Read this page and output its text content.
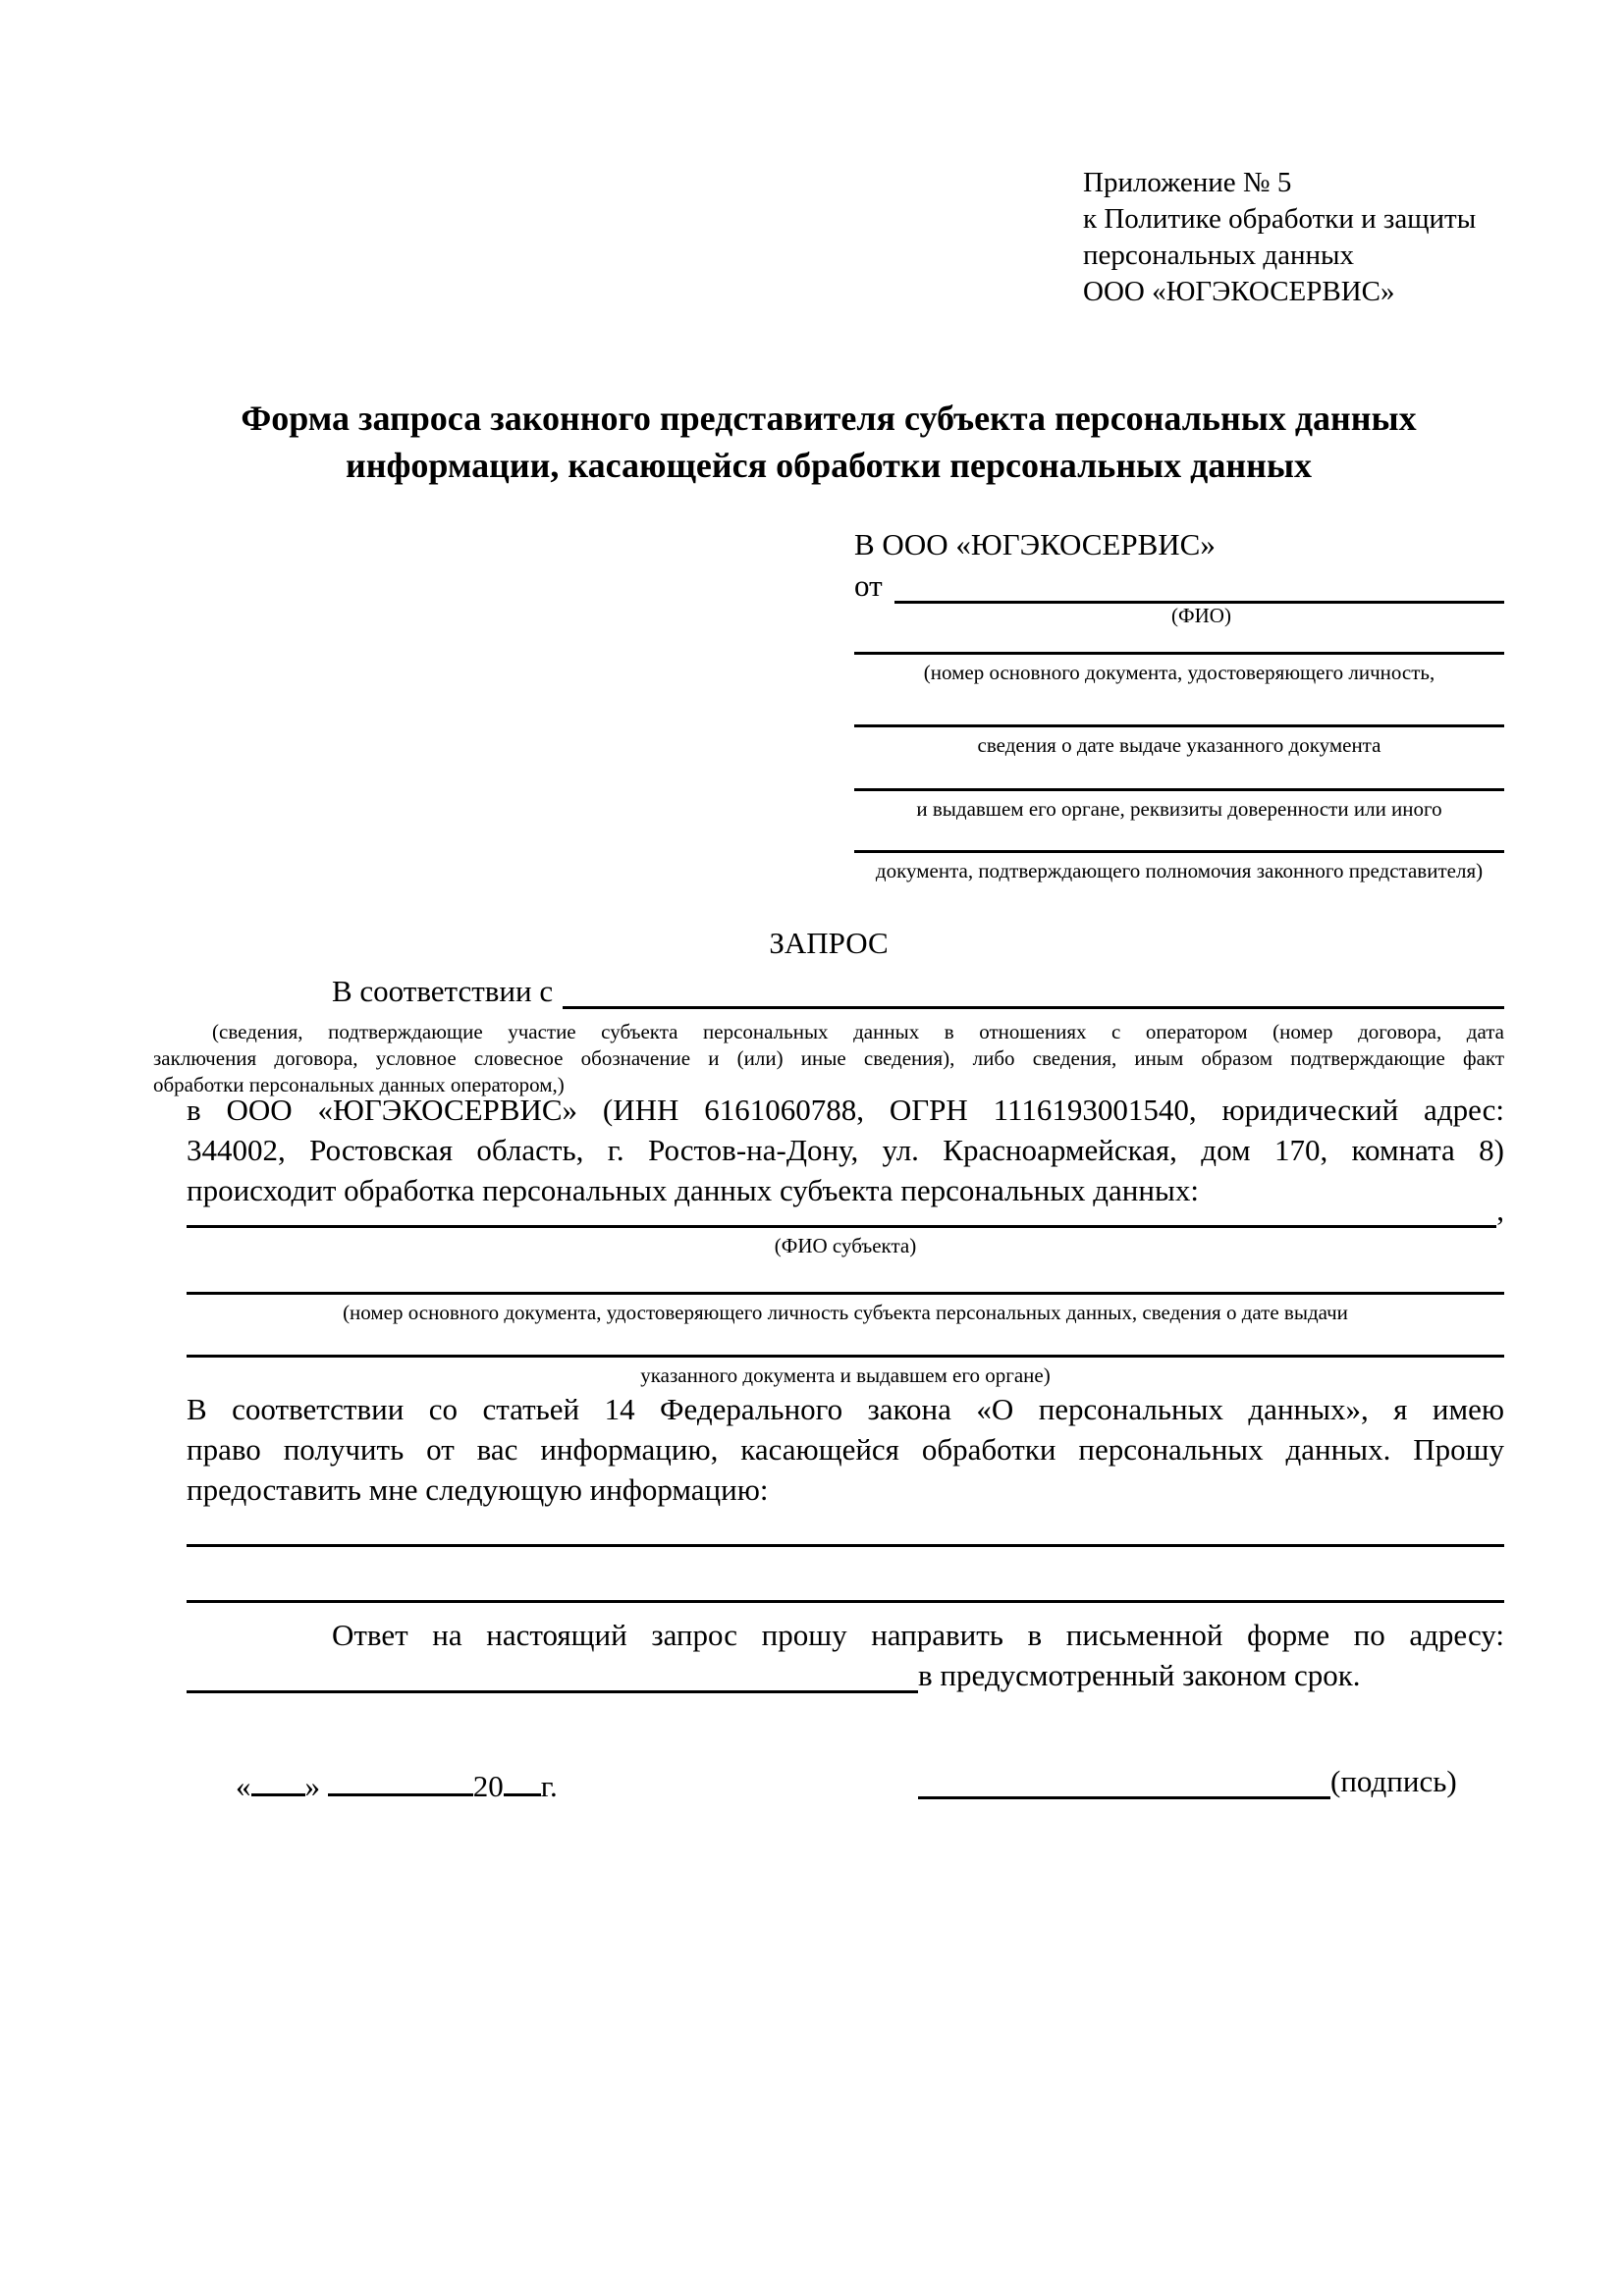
Приложение № 5
к Политике обработки и защиты
персональных данных
ООО «ЮГЭКОСЕРВИС»
Форма запроса законного представителя субъекта персональных данных
информации, касающейся обработки персональных данных
В ООО «ЮГЭКОСЕРВИС»
от
(ФИО)
(номер основного документа, удостоверяющего личность,
сведения о дате выдаче указанного документа
и выдавшем его органе, реквизиты доверенности или иного
документа, подтверждающего полномочия законного представителя)
ЗАПРОС
В соответствии с
(сведения, подтверждающие участие субъекта персональных данных в отношениях с оператором (номер договора, дата
заключения договора, условное словесное обозначение и (или) иные сведения), либо сведения, иным образом подтверждающие факт
обработки персональных данных оператором,)
в ООО «ЮГЭКОСЕРВИС» (ИНН 6161060788, ОГРН 1116193001540, юридический адрес:
344002, Ростовская область, г. Ростов-на-Дону, ул. Красноармейская, дом 170, комната 8)
происходит обработка персональных данных субъекта персональных данных:
,
(ФИО субъекта)
(номер основного документа, удостоверяющего личность субъекта персональных данных, сведения о дате выдачи
указанного документа и выдавшем его органе)
В соответствии со статьей 14 Федерального закона «О персональных данных», я имею
право получить от вас информацию, касающейся обработки персональных данных. Прошу
предоставить мне следующую информацию:
Ответ на настоящий запрос прошу направить в письменной форме по адресу:
в предусмотренный законом срок.
« »	20 г.	(подпись)
